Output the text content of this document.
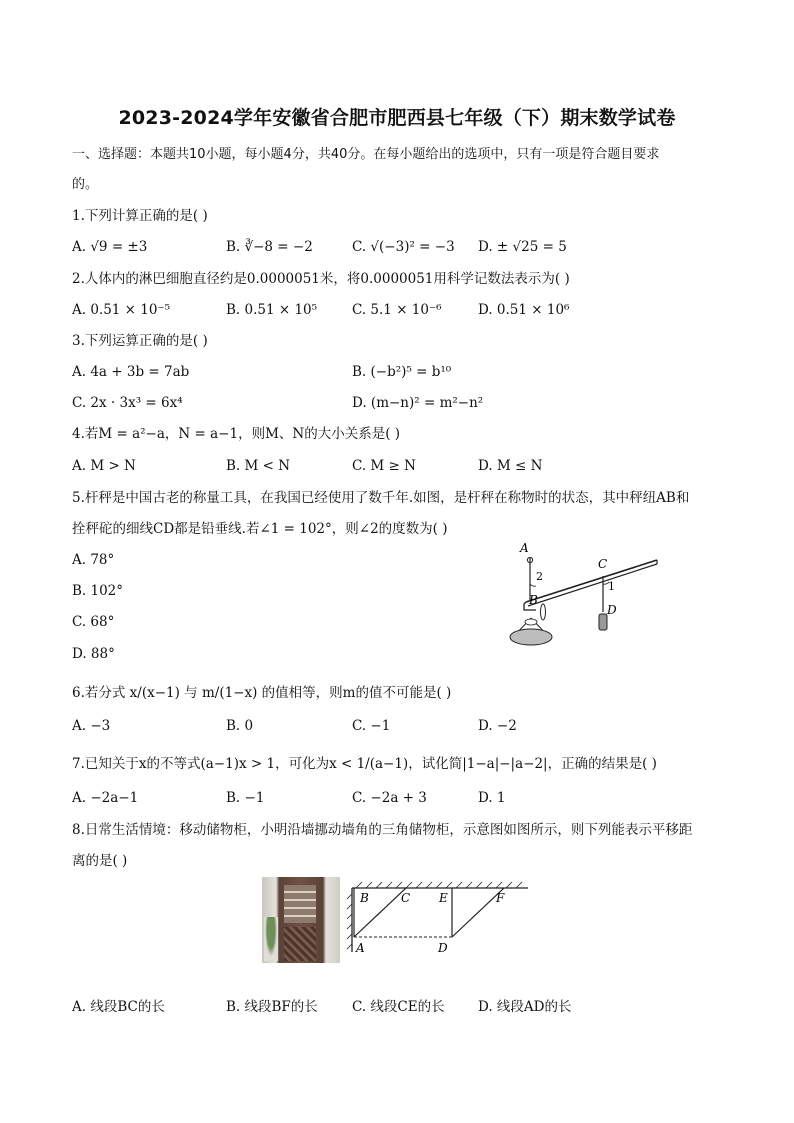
2023-2024学年安徽省合肥市肥西县七年级（下）期末数学试卷
一、选择题：本题共10小题，每小题4分，共40分。在每小题给出的选项中，只有一项是符合题目要求
的。
1.下列计算正确的是( )
A. √9 = ±3	B. ∛−8 = −2	C. √(−3)² = −3 D. ± √25 = 5
2.人体内的淋巴细胞直径约是0.0000051米，将0.0000051用科学记数法表示为( )
A. 0.51 × 10⁻⁵	B. 0.51 × 10⁵	C. 5.1 × 10⁻⁶	D. 0.51 × 10⁶
3.下列运算正确的是( )
A. 4a + 3b = 7ab	B. (−b²)⁵ = b¹⁰
C. 2x · 3x³ = 6x⁴	D. (m−n)² = m²−n²
4.若M = a²−a，N = a−1，则M、N的大小关系是( )
A. M > N	B. M < N	C. M ≥ N	D. M ≤ N
5.杆秤是中国古老的称量工具，在我国已经使用了数千年.如图，是杆秤在称物时的状态，其中秤纽AB和
拴秤砣的细线CD都是铅垂线.若∠1 = 102°，则∠2的度数为( )
A. 78°
B. 102°
C. 68°
D. 88°
A
2
B
C
1
D
6.若分式 x/(x−1) 与 m/(1−x) 的值相等，则m的值不可能是( )
A. −3	B. 0	C. −1	D. −2
7.已知关于x的不等式(a−1)x > 1，可化为x < 1/(a−1)，试化简|1−a|−|a−2|，正确的结果是( )
A. −2a−1	B. −1	C. −2a + 3	D. 1
8.日常生活情境：移动储物柜，小明沿墙挪动墙角的三角储物柜，示意图如图所示，则下列能表示平移距
离的是( )
B	C E	F
A	D
A. 线段BC的长	B. 线段BF的长	C. 线段CE的长 D. 线段AD的长
